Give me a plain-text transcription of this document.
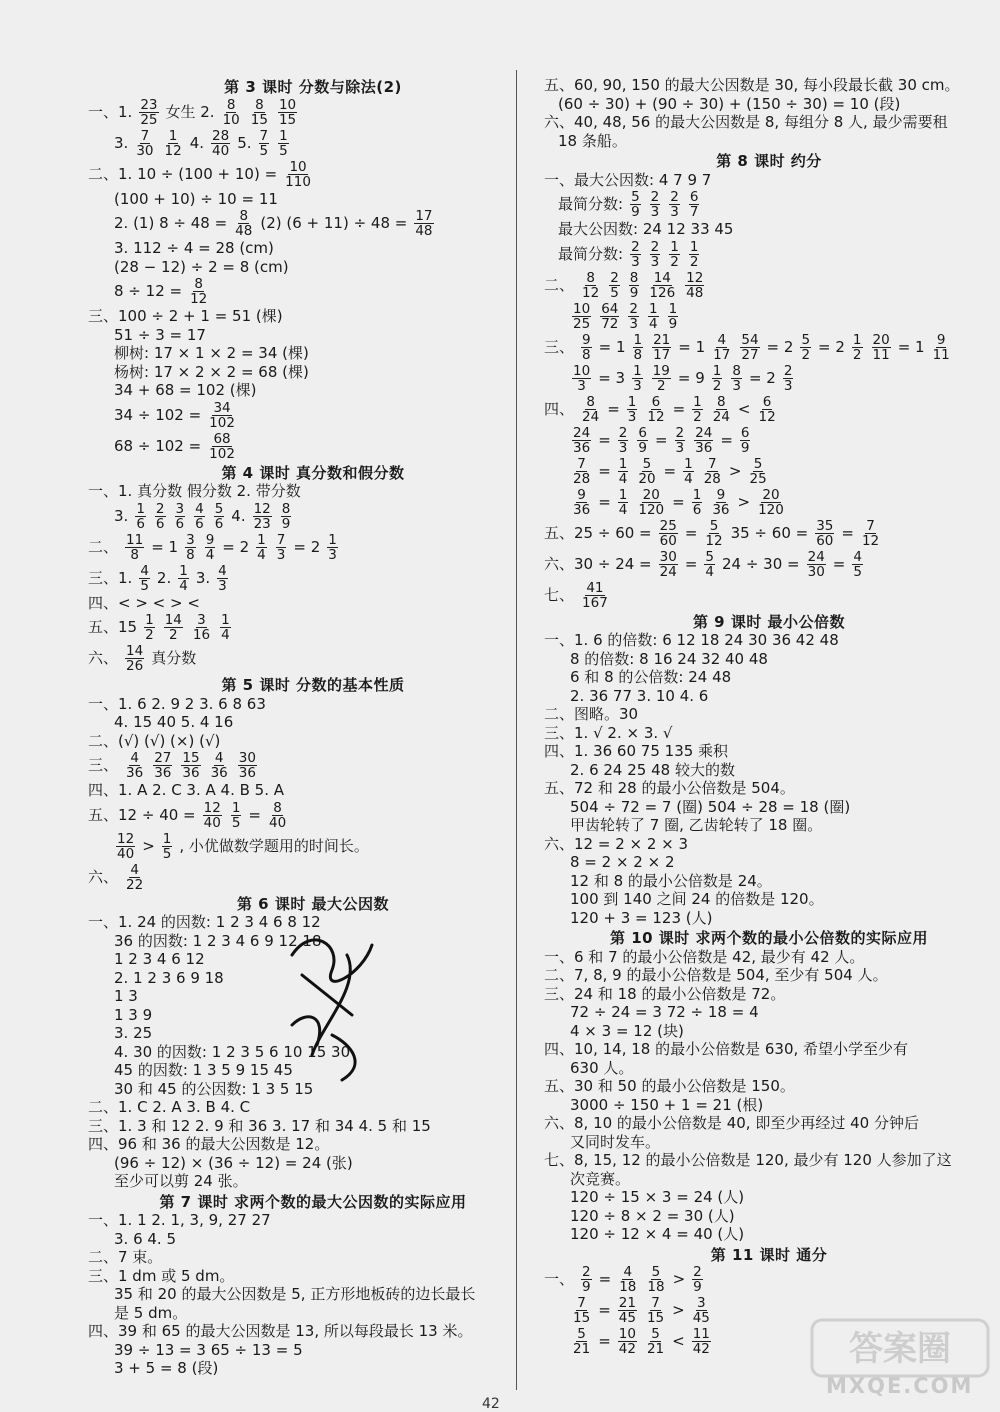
第 3 课时 分数与除法(2)
一、1. $\frac{23}{25}$ 女生 2. $\frac{8}{10} \frac{8}{15} \frac{10}{15}$
3. $\frac{7}{30} \frac{1}{12} 4$. $\frac{28}{40} 5$. $\frac{7}{5} \frac{1}{5}$
二、1. $10 \div (100 + 10) = \frac{10}{110}$
(100 + 10) ÷ 10 = 11
2. (1) $8 \div 48 = \frac{8}{48} (2) (6 + 11) \div 48 = \frac{17}{48}$
3. 112 ÷ 4 = 28 (cm)
(28 − 12) ÷ 2 = 8 (cm)
$8 \div 12 = \frac{8}{12}$
三、100 ÷ 2 + 1 = 51 (棵)
51 ÷ 3 = 17
柳树: 17 × 1 × 2 = 34 (棵)
杨树: 17 × 2 × 2 = 68 (棵)
34 + 68 = 102 (棵)
$34 \div 102 = \frac{34}{102}$
$68 \div 102 = \frac{68}{102}$
第 4 课时 真分数和假分数
一、1. 真分数 假分数 2. 带分数
3. $\frac{1}{6} \frac{2}{6} \frac{3}{6} \frac{4}{6} \frac{5}{6} 4$. $\frac{12}{23} \frac{8}{9}$
二、 $\frac{11}{8} = 1 \frac{3}{8} \frac{9}{4} = 2 \frac{1}{4} \frac{7}{3} = 2 \frac{1}{3}$
三、1. $\frac{4}{5} 2$. $\frac{1}{4} 3$. $\frac{4}{3}$
四、< > < > <
五、$15 \frac{1}{2} \frac{14}{2} \frac{3}{16} \frac{1}{4}$
六、 $\frac{14}{26}$ 真分数
第 5 课时 分数的基本性质
一、1. 6 2. 9 2 3. 6 8 63
4. 15 40 5. 4 16
二、(√) (√) (×) (√)
三、 $\frac{4}{36} \frac{27}{36} \frac{15}{36} \frac{4}{36} \frac{30}{36}$
四、1. A 2. C 3. A 4. B 5. A
五、$12 \div 40 = \frac{12}{40} \frac{1}{5} = \frac{8}{40}$
$\frac{12}{40} > \frac{1}{5}$ , 小优做数学题用的时间长。
六、 $\frac{4}{22}$
第 6 课时 最大公因数
一、1. 24 的因数: 1 2 3 4 6 8 12
36 的因数: 1 2 3 4 6 9 12 18
1 2 3 4 6 12
2. 1 2 3 6 9 18
1 3
1 3 9
3. 25
4. 30 的因数: 1 2 3 5 6 10 15 30
45 的因数: 1 3 5 9 15 45
30 和 45 的公因数: 1 3 5 15
二、1. C 2. A 3. B 4. C
三、1. 3 和 12 2. 9 和 36 3. 17 和 34 4. 5 和 15
四、96 和 36 的最大公因数是 12。
(96 ÷ 12) × (36 ÷ 12) = 24 (张)
至少可以剪 24 张。
第 7 课时 求两个数的最大公因数的实际应用
一、1. 1 2. 1, 3, 9, 27 27
3. 6 4. 5
二、7 束。
三、1 dm 或 5 dm。
35 和 20 的最大公因数是 5, 正方形地板砖的边长最长
是 5 dm。
四、39 和 65 的最大公因数是 13, 所以每段最长 13 米。
39 ÷ 13 = 3 65 ÷ 13 = 5
3 + 5 = 8 (段)
五、60, 90, 150 的最大公因数是 30, 每小段最长截 30 cm。
(60 ÷ 30) + (90 ÷ 30) + (150 ÷ 30) = 10 (段)
六、40, 48, 56 的最大公因数是 8, 每组分 8 人, 最少需要租
18 条船。
第 8 课时 约分
一、最大公因数: 4 7 9 7
最简分数: $\frac{5}{9} \frac{2}{3} \frac{2}{3} \frac{6}{7}$
最大公因数: 24 12 33 45
最简分数: $\frac{2}{3} \frac{2}{3} \frac{1}{2} \frac{1}{2}$
二、 $\frac{8}{12} \frac{2}{5} \frac{8}{9} \frac{14}{126} \frac{12}{48}$
$\frac{10}{25} \frac{64}{72} \frac{2}{3} \frac{1}{4} \frac{1}{9}$
三、 $\frac{9}{8} = 1 \frac{1}{8} \frac{21}{17} = 1 \frac{4}{17} \frac{54}{27} = 2 \frac{5}{2} = 2 \frac{1}{2} \frac{20}{11} = 1 \frac{9}{11}$
$\frac{10}{3} = 3 \frac{1}{3} \frac{19}{2} = 9 \frac{1}{2} \frac{8}{3} = 2 \frac{2}{3}$
四、 $\frac{8}{24} = \frac{1}{3} \frac{6}{12} = \frac{1}{2} \frac{8}{24} < \frac{6}{12}$
$\frac{24}{36} = \frac{2}{3} \frac{6}{9} = \frac{2}{3} \frac{24}{36} = \frac{6}{9}$
$\frac{7}{28} = \frac{1}{4} \frac{5}{20} = \frac{1}{4} \frac{7}{28} > \frac{5}{25}$
$\frac{9}{36} = \frac{1}{4} \frac{20}{120} = \frac{1}{6} \frac{9}{36} > \frac{20}{120}$
五、$25 \div 60 = \frac{25}{60} = \frac{5}{12} 35 \div 60 = \frac{35}{60} = \frac{7}{12}$
六、$30 \div 24 = \frac{30}{24} = \frac{5}{4} 24 \div 30 = \frac{24}{30} = \frac{4}{5}$
七、 $\frac{41}{167}$
第 9 课时 最小公倍数
一、1. 6 的倍数: 6 12 18 24 30 36 42 48
8 的倍数: 8 16 24 32 40 48
6 和 8 的公倍数: 24 48
2. 36 77 3. 10 4. 6
二、图略。30
三、1. √ 2. × 3. √
四、1. 36 60 75 135 乘积
2. 6 24 25 48 较大的数
五、72 和 28 的最小公倍数是 504。
504 ÷ 72 = 7 (圈) 504 ÷ 28 = 18 (圈)
甲齿轮转了 7 圈, 乙齿轮转了 18 圈。
六、12 = 2 × 2 × 3
8 = 2 × 2 × 2
12 和 8 的最小公倍数是 24。
100 到 140 之间 24 的倍数是 120。
120 + 3 = 123 (人)
第 10 课时 求两个数的最小公倍数的实际应用
一、6 和 7 的最小公倍数是 42, 最少有 42 人。
二、7, 8, 9 的最小公倍数是 504, 至少有 504 人。
三、24 和 18 的最小公倍数是 72。
72 ÷ 24 = 3 72 ÷ 18 = 4
4 × 3 = 12 (块)
四、10, 14, 18 的最小公倍数是 630, 希望小学至少有
630 人。
五、30 和 50 的最小公倍数是 150。
3000 ÷ 150 + 1 = 21 (根)
六、8, 10 的最小公倍数是 40, 即至少再经过 40 分钟后
又同时发车。
七、8, 15, 12 的最小公倍数是 120, 最少有 120 人参加了这
次竞赛。
120 ÷ 15 × 3 = 24 (人)
120 ÷ 8 × 2 = 30 (人)
120 ÷ 12 × 4 = 40 (人)
第 11 课时 通分
一、 $\frac{2}{9} = \frac{4}{18} \frac{5}{18} > \frac{2}{9}$
$\frac{7}{15} = \frac{21}{45} \frac{7}{15} > \frac{3}{45}$
$\frac{5}{21} = \frac{10}{42} \frac{5}{21} < \frac{11}{42}$
42
答案圈
MXQE.COM
